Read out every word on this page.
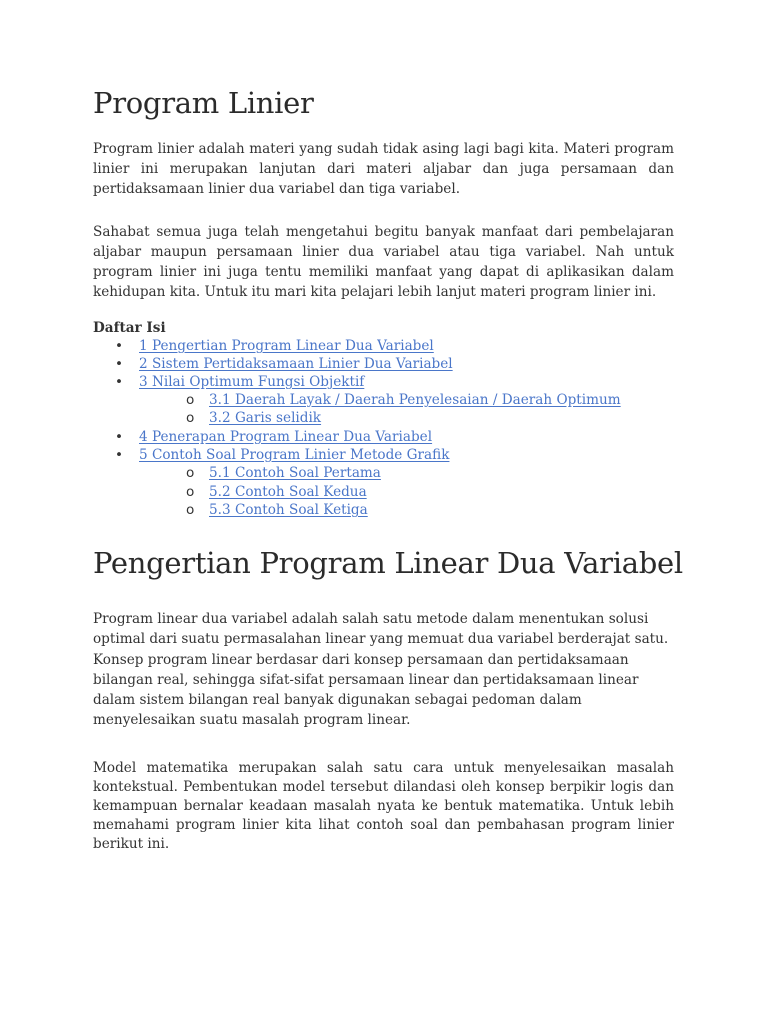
Program Linier

Program linier adalah materi yang sudah tidak asing lagi bagi kita. Materi program linier ini merupakan lanjutan dari materi aljabar dan juga persamaan dan pertidaksamaan linier dua variabel dan tiga variabel.

Sahabat semua juga telah mengetahui begitu banyak manfaat dari pembelajaran aljabar maupun persamaan linier dua variabel atau tiga variabel. Nah untuk program linier ini juga tentu memiliki manfaat yang dapat di aplikasikan dalam kehidupan kita. Untuk itu mari kita pelajari lebih lanjut materi program linier ini.

Daftar Isi

• 1 Pengertian Program Linear Dua Variabel
• 2 Sistem Pertidaksamaan Linier Dua Variabel
• 3 Nilai Optimum Fungsi Objektif
o 3.1 Daerah Layak / Daerah Penyelesaian / Daerah Optimum
o 3.2 Garis selidik
• 4 Penerapan Program Linear Dua Variabel
• 5 Contoh Soal Program Linier Metode Grafik
o 5.1 Contoh Soal Pertama
o 5.2 Contoh Soal Kedua
o 5.3 Contoh Soal Ketiga
Pengertian Program Linear Dua Variabel

Program linear dua variabel adalah salah satu metode dalam menentukan solusi optimal dari suatu permasalahan linear yang memuat dua variabel berderajat satu. Konsep program linear berdasar dari konsep persamaan dan pertidaksamaan bilangan real, sehingga sifat-sifat persamaan linear dan pertidaksamaan linear dalam sistem bilangan real banyak digunakan sebagai pedoman dalam menyelesaikan suatu masalah program linear.

Model matematika merupakan salah satu cara untuk menyelesaikan masalah kontekstual. Pembentukan model tersebut dilandasi oleh konsep berpikir logis dan kemampuan bernalar keadaan masalah nyata ke bentuk matematika. Untuk lebih memahami program linier kita lihat contoh soal dan pembahasan program linier berikut ini.
